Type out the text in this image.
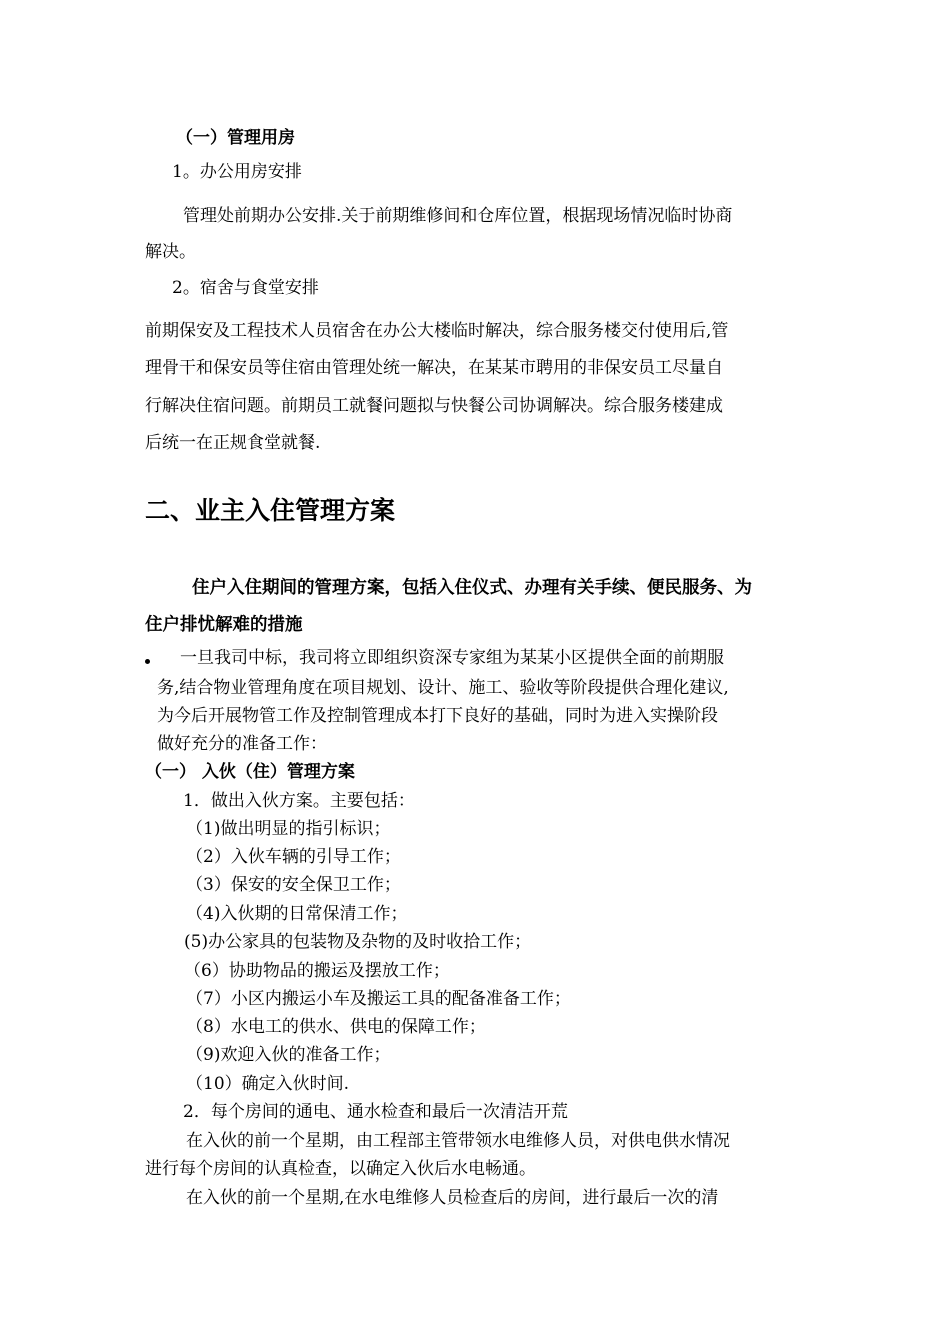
（一）管理用房
1。办公用房安排
管理处前期办公安排.关于前期维修间和仓库位置，根据现场情况临时协商
解决。
2。宿舍与食堂安排
前期保安及工程技术人员宿舍在办公大楼临时解决，综合服务楼交付使用后,管
理骨干和保安员等住宿由管理处统一解决，在某某市聘用的非保安员工尽量自
行解决住宿问题。前期员工就餐问题拟与快餐公司协调解决。综合服务楼建成
后统一在正规食堂就餐.
二、业主入住管理方案
住户入住期间的管理方案，包括入住仪式、办理有关手续、便民服务、为
住户排忧解难的措施
一旦我司中标，我司将立即组织资深专家组为某某小区提供全面的前期服
务,结合物业管理角度在项目规划、设计、施工、验收等阶段提供合理化建议,
为今后开展物管工作及控制管理成本打下良好的基础，同时为进入实操阶段
做好充分的准备工作：
（一） 入伙（住）管理方案
1．做出入伙方案。主要包括：
（1)做出明显的指引标识；
（2）入伙车辆的引导工作；
（3）保安的安全保卫工作；
（4)入伙期的日常保清工作；
(5)办公家具的包装物及杂物的及时收拾工作；
（6）协助物品的搬运及摆放工作；
（7）小区内搬运小车及搬运工具的配备准备工作；
（8）水电工的供水、供电的保障工作；
（9)欢迎入伙的准备工作；
（10）确定入伙时间.
2．每个房间的通电、通水检查和最后一次清洁开荒
在入伙的前一个星期，由工程部主管带领水电维修人员，对供电供水情况
进行每个房间的认真检查，以确定入伙后水电畅通。
在入伙的前一个星期,在水电维修人员检查后的房间，进行最后一次的清
